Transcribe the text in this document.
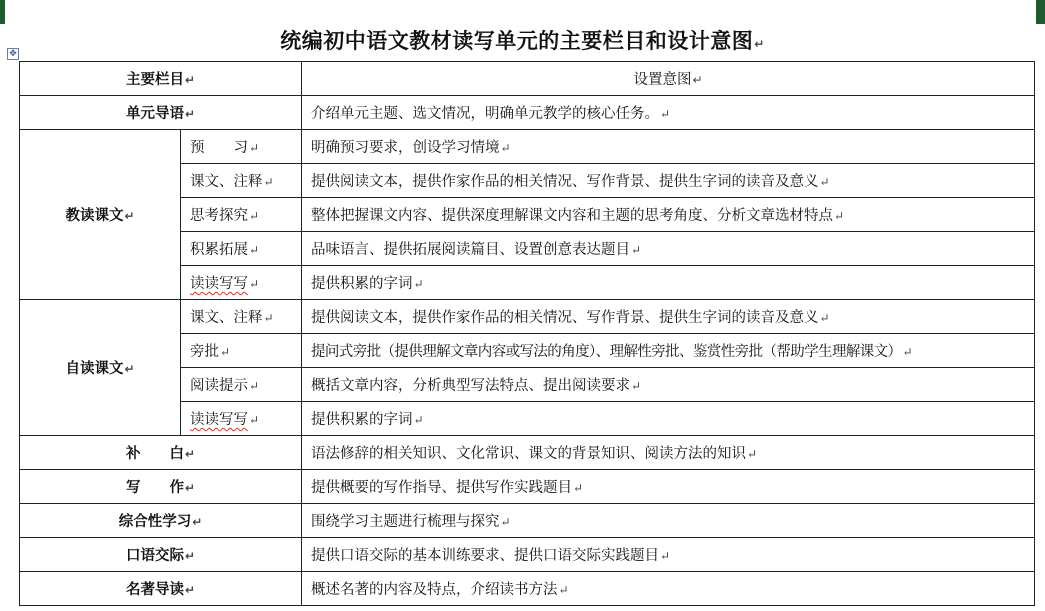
统编初中语文教材读写单元的主要栏目和设计意图↵
✥
主要栏目↵		设置意图↵
单元导语↵		介绍单元主题、选文情况，明确单元教学的核心任务。↵
教读课文↵	预　　习↵	明确预习要求，创设学习情境↵
	课文、注释↵	提供阅读文本，提供作家作品的相关情况、写作背景、提供生字词的读音及意义↵
	思考探究↵	整体把握课文内容、提供深度理解课文内容和主题的思考角度、分析文章选材特点↵
	积累拓展↵	品味语言、提供拓展阅读篇目、设置创意表达题目↵
	读读写写↵	提供积累的字词↵
自读课文↵	课文、注释↵	提供阅读文本，提供作家作品的相关情况、写作背景、提供生字词的读音及意义↵
	旁批↵	提问式旁批（提供理解文章内容或写法的角度）、理解性旁批、鉴赏性旁批（帮助学生理解课文）↵
	阅读提示↵	概括文章内容，分析典型写法特点、提出阅读要求↵
	读读写写↵	提供积累的字词↵
补　　白↵		语法修辞的相关知识、文化常识、课文的背景知识、阅读方法的知识↵
写　　作↵		提供概要的写作指导、提供写作实践题目↵
综合性学习↵		围绕学习主题进行梳理与探究↵
口语交际↵		提供口语交际的基本训练要求、提供口语交际实践题目↵
名著导读↵		概述名著的内容及特点，介绍读书方法↵
